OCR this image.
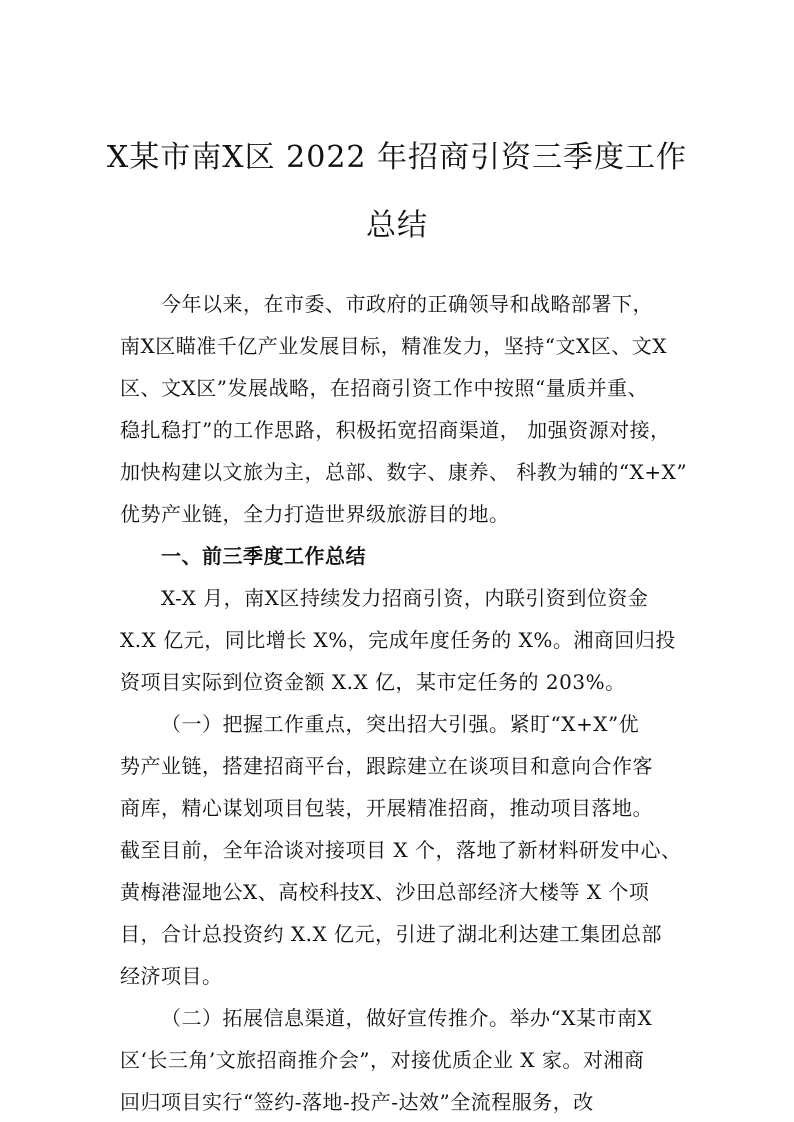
X某市南X区 2022 年招商引资三季度工作
总结
今年以来，在市委、市政府的正确领导和战略部署下，
南X区瞄准千亿产业发展目标，精准发力，坚持“文X区、文X
区、文X区”发展战略，在招商引资工作中按照“量质并重、
稳扎稳打”的工作思路，积极拓宽招商渠道， 加强资源对接，
加快构建以文旅为主，总部、数字、康养、 科教为辅的“X+X”
优势产业链，全力打造世界级旅游目的地。
一、前三季度工作总结
X-X 月，南X区持续发力招商引资，内联引资到位资金
X.X 亿元，同比增长 X%，完成年度任务的 X%。湘商回归投
资项目实际到位资金额 X.X 亿，某市定任务的 203%。
（一）把握工作重点，突出招大引强。紧盯“X+X”优
势产业链，搭建招商平台，跟踪建立在谈项目和意向合作客
商库，精心谋划项目包装，开展精准招商，推动项目落地。
截至目前，全年洽谈对接项目 X 个，落地了新材料研发中心、
黄梅港湿地公X、高校科技X、沙田总部经济大楼等 X 个项
目，合计总投资约 X.X 亿元，引进了湖北利达建工集团总部
经济项目。
（二）拓展信息渠道，做好宣传推介。举办“X某市南X
区‘长三角’文旅招商推介会”，对接优质企业 X 家。对湘商
回归项目实行“签约-落地-投产-达效”全流程服务，改
